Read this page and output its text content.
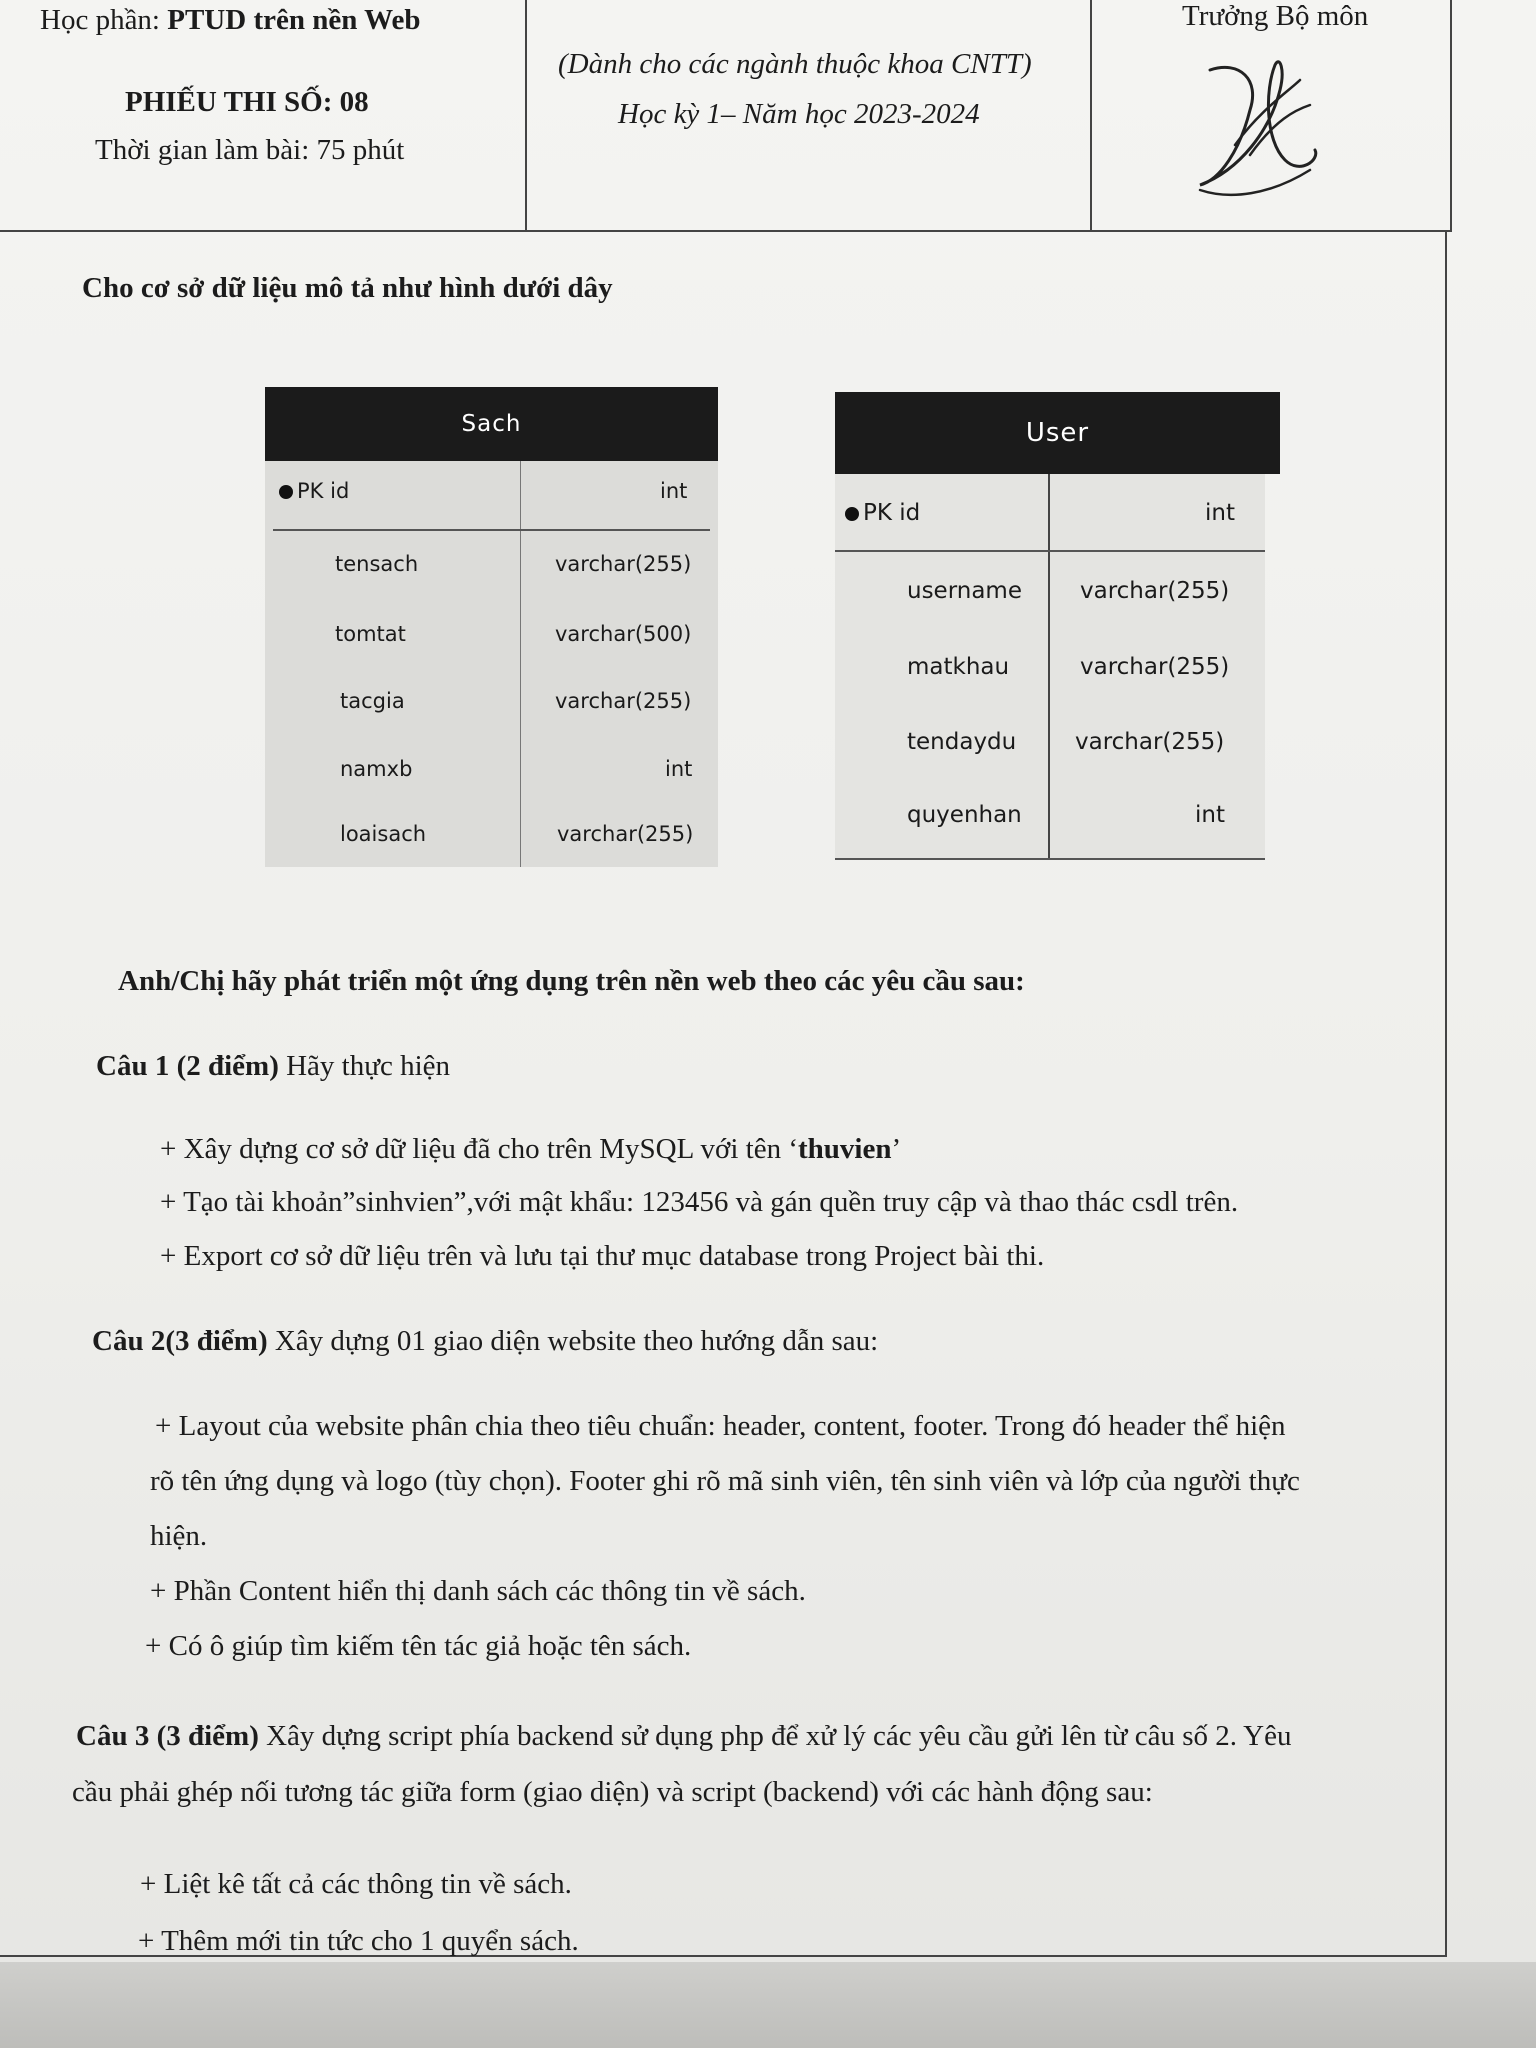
Học phần: PTUD trên nền Web
PHIẾU THI SỐ: 08
Thời gian làm bài: 75 phút
(Dành cho các ngành thuộc khoa CNTT)
Học kỳ 1– Năm học 2023-2024
Trưởng Bộ môn
Cho cơ sở dữ liệu mô tả như hình dưới dây
Sach
PK id	int
tensach	varchar(255)
tomtat	varchar(500)
tacgia	varchar(255)
namxb	int
loaisach	varchar(255)
User
PK id	int
username	varchar(255)
matkhau	varchar(255)
tendaydu	varchar(255)
quyenhan	int
Anh/Chị hãy phát triển một ứng dụng trên nền web theo các yêu cầu sau:
Câu 1 (2 điểm) Hãy thực hiện
+ Xây dựng cơ sở dữ liệu đã cho trên MySQL với tên ‘thuvien’
+ Tạo tài khoản”sinhvien”,với mật khẩu: 123456 và gán quền truy cập và thao thác csdl trên.
+ Export cơ sở dữ liệu trên và lưu tại thư mục database trong Project bài thi.
Câu 2(3 điểm) Xây dựng 01 giao diện website theo hướng dẫn sau:
+ Layout của website phân chia theo tiêu chuẩn: header, content, footer. Trong đó header thể hiện
rõ tên ứng dụng và logo (tùy chọn). Footer ghi rõ mã sinh viên, tên sinh viên và lớp của người thực
hiện.
+ Phần Content hiển thị danh sách các thông tin về sách.
+ Có ô giúp tìm kiếm tên tác giả hoặc tên sách.
Câu 3 (3 điểm) Xây dựng script phía backend sử dụng php để xử lý các yêu cầu gửi lên từ câu số 2. Yêu
cầu phải ghép nối tương tác giữa form (giao diện) và script (backend) với các hành động sau:
+ Liệt kê tất cả các thông tin về sách.
+ Thêm mới tin tức cho 1 quyển sách.
